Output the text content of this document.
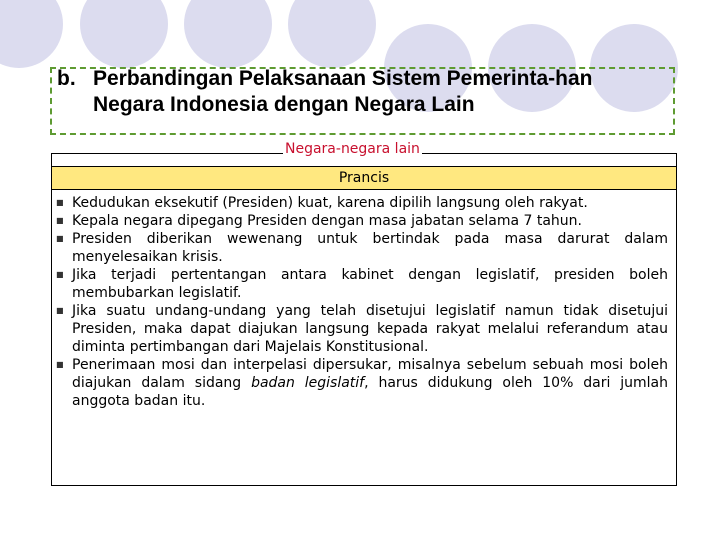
b. Perbandingan Pelaksanaan Sistem Pemerinta-han Negara Indonesia dengan Negara Lain
Negara-negara lain
Prancis
■ Kedudukan eksekutif (Presiden) kuat, karena dipilih langsung oleh rakyat.
■ Kepala negara dipegang Presiden dengan masa jabatan selama 7 tahun.
■ Presiden diberikan wewenang untuk bertindak pada masa darurat dalam menyelesaikan krisis.
■ Jika terjadi pertentangan antara kabinet dengan legislatif, presiden boleh membubarkan legislatif.
■ Jika suatu undang-undang yang telah disetujui legislatif namun tidak disetujui Presiden, maka dapat diajukan langsung kepada rakyat melalui referandum atau diminta pertimbangan dari Majelais Konstitusional.
■ Penerimaan mosi dan interpelasi dipersukar, misalnya sebelum sebuah mosi boleh diajukan dalam sidang badan legislatif, harus didukung oleh 10% dari jumlah anggota badan itu.
